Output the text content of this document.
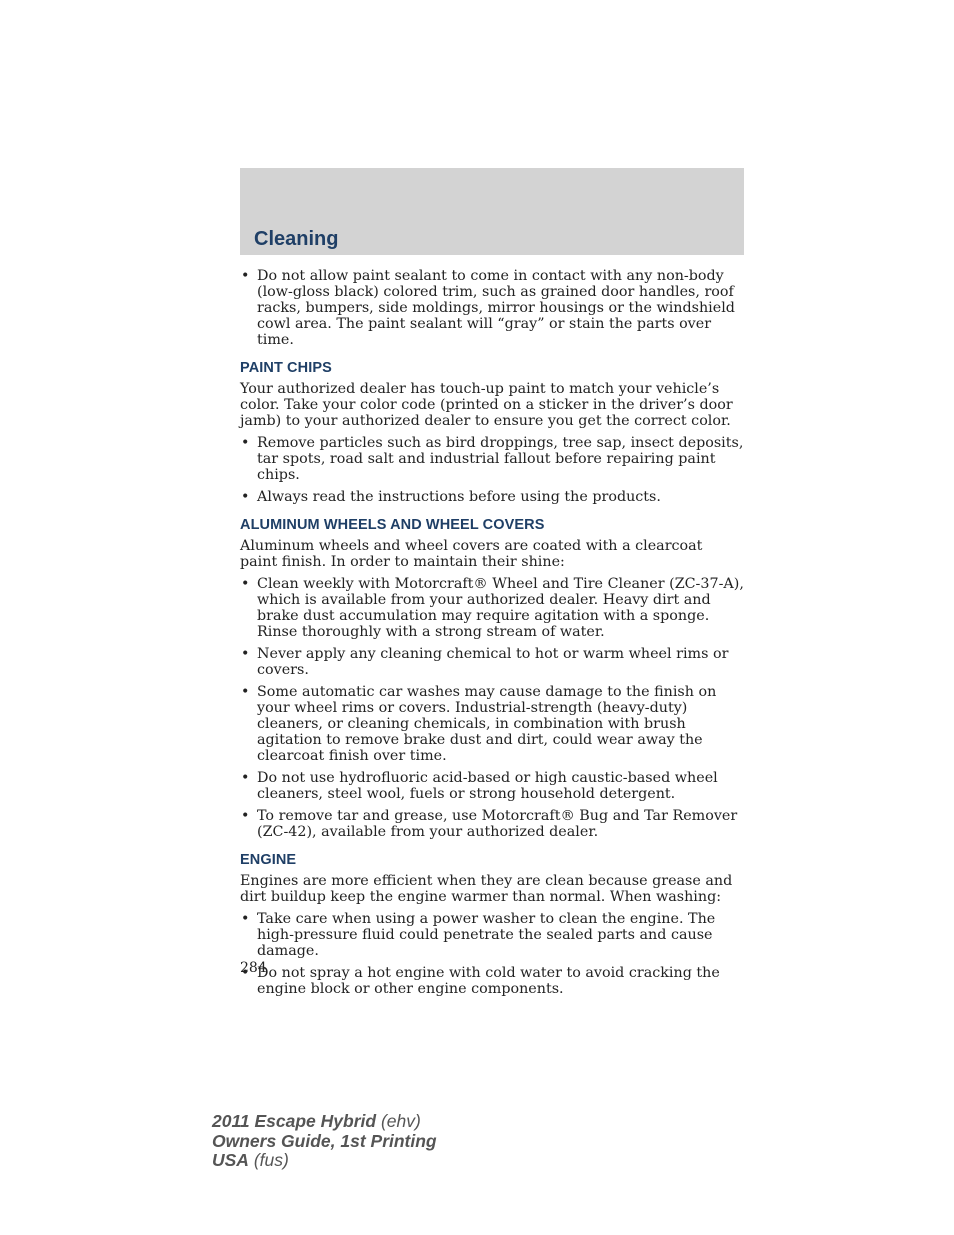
Cleaning
• Do not allow paint sealant to come in contact with any non-body (low-gloss black) colored trim, such as grained door handles, roof racks, bumpers, side moldings, mirror housings or the windshield cowl area. The paint sealant will “gray” or stain the parts over time.
PAINT CHIPS

Your authorized dealer has touch-up paint to match your vehicle’s color. Take your color code (printed on a sticker in the driver’s door jamb) to your authorized dealer to ensure you get the correct color.

• Remove particles such as bird droppings, tree sap, insect deposits, tar spots, road salt and industrial fallout before repairing paint chips.
• Always read the instructions before using the products.
ALUMINUM WHEELS AND WHEEL COVERS

Aluminum wheels and wheel covers are coated with a clearcoat paint finish. In order to maintain their shine:

• Clean weekly with Motorcraft® Wheel and Tire Cleaner (ZC-37-A), which is available from your authorized dealer. Heavy dirt and brake dust accumulation may require agitation with a sponge. Rinse thoroughly with a strong stream of water.
• Never apply any cleaning chemical to hot or warm wheel rims or covers.
• Some automatic car washes may cause damage to the finish on your wheel rims or covers. Industrial-strength (heavy-duty) cleaners, or cleaning chemicals, in combination with brush agitation to remove brake dust and dirt, could wear away the clearcoat finish over time.
• Do not use hydrofluoric acid-based or high caustic-based wheel cleaners, steel wool, fuels or strong household detergent.
• To remove tar and grease, use Motorcraft® Bug and Tar Remover (ZC-42), available from your authorized dealer.
ENGINE

Engines are more efficient when they are clean because grease and dirt buildup keep the engine warmer than normal. When washing:

• Take care when using a power washer to clean the engine. The high-pressure fluid could penetrate the sealed parts and cause damage.
• Do not spray a hot engine with cold water to avoid cracking the engine block or other engine components.
284
2011 Escape Hybrid (ehv)
Owners Guide, 1st Printing
USA (fus)
